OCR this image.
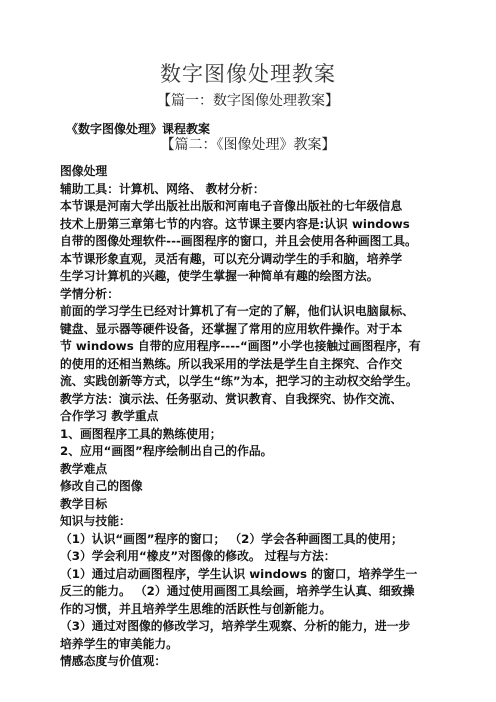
数字图像处理教案
【篇一：数字图像处理教案】
《数字图像处理》课程教案
【篇二：《图像处理》教案】
图像处理
辅助工具：计算机、网络、 教材分析：
本节课是河南大学出版社出版和河南电子音像出版社的七年级信息
技术上册第三章第七节的内容。这节课主要内容是:认识 windows
自带的图像处理软件---画图程序的窗口，并且会使用各种画图工具。
本节课形象直观，灵活有趣，可以充分调动学生的手和脑，培养学
生学习计算机的兴趣，使学生掌握一种简单有趣的绘图方法。
学情分析：
前面的学习学生已经对计算机了有一定的了解，他们认识电脑鼠标、
键盘、显示器等硬件设备，还掌握了常用的应用软件操作。对于本
节 windows 自带的应用程序----“画图”小学也接触过画图程序，有
的使用的还相当熟练。所以我采用的学法是学生自主探究、合作交
流、实践创新等方式，以学生“练”为本，把学习的主动权交给学生。
教学方法：演示法、任务驱动、赏识教育、自我探究、协作交流、
合作学习 教学重点
1、画图程序工具的熟练使用；
2、应用“画图”程序绘制出自己的作品。
教学难点
修改自己的图像
教学目标
知识与技能：
（1）认识“画图”程序的窗口； （2）学会各种画图工具的使用；
（3）学会利用“橡皮”对图像的修改。 过程与方法：
（1）通过启动画图程序，学生认识 windows 的窗口，培养学生一
反三的能力。 （2）通过使用画图工具绘画，培养学生认真、细致操
作的习惯，并且培养学生思维的活跃性与创新能力。
（3）通过对图像的修改学习，培养学生观察、分析的能力，进一步
培养学生的审美能力。
情感态度与价值观：
